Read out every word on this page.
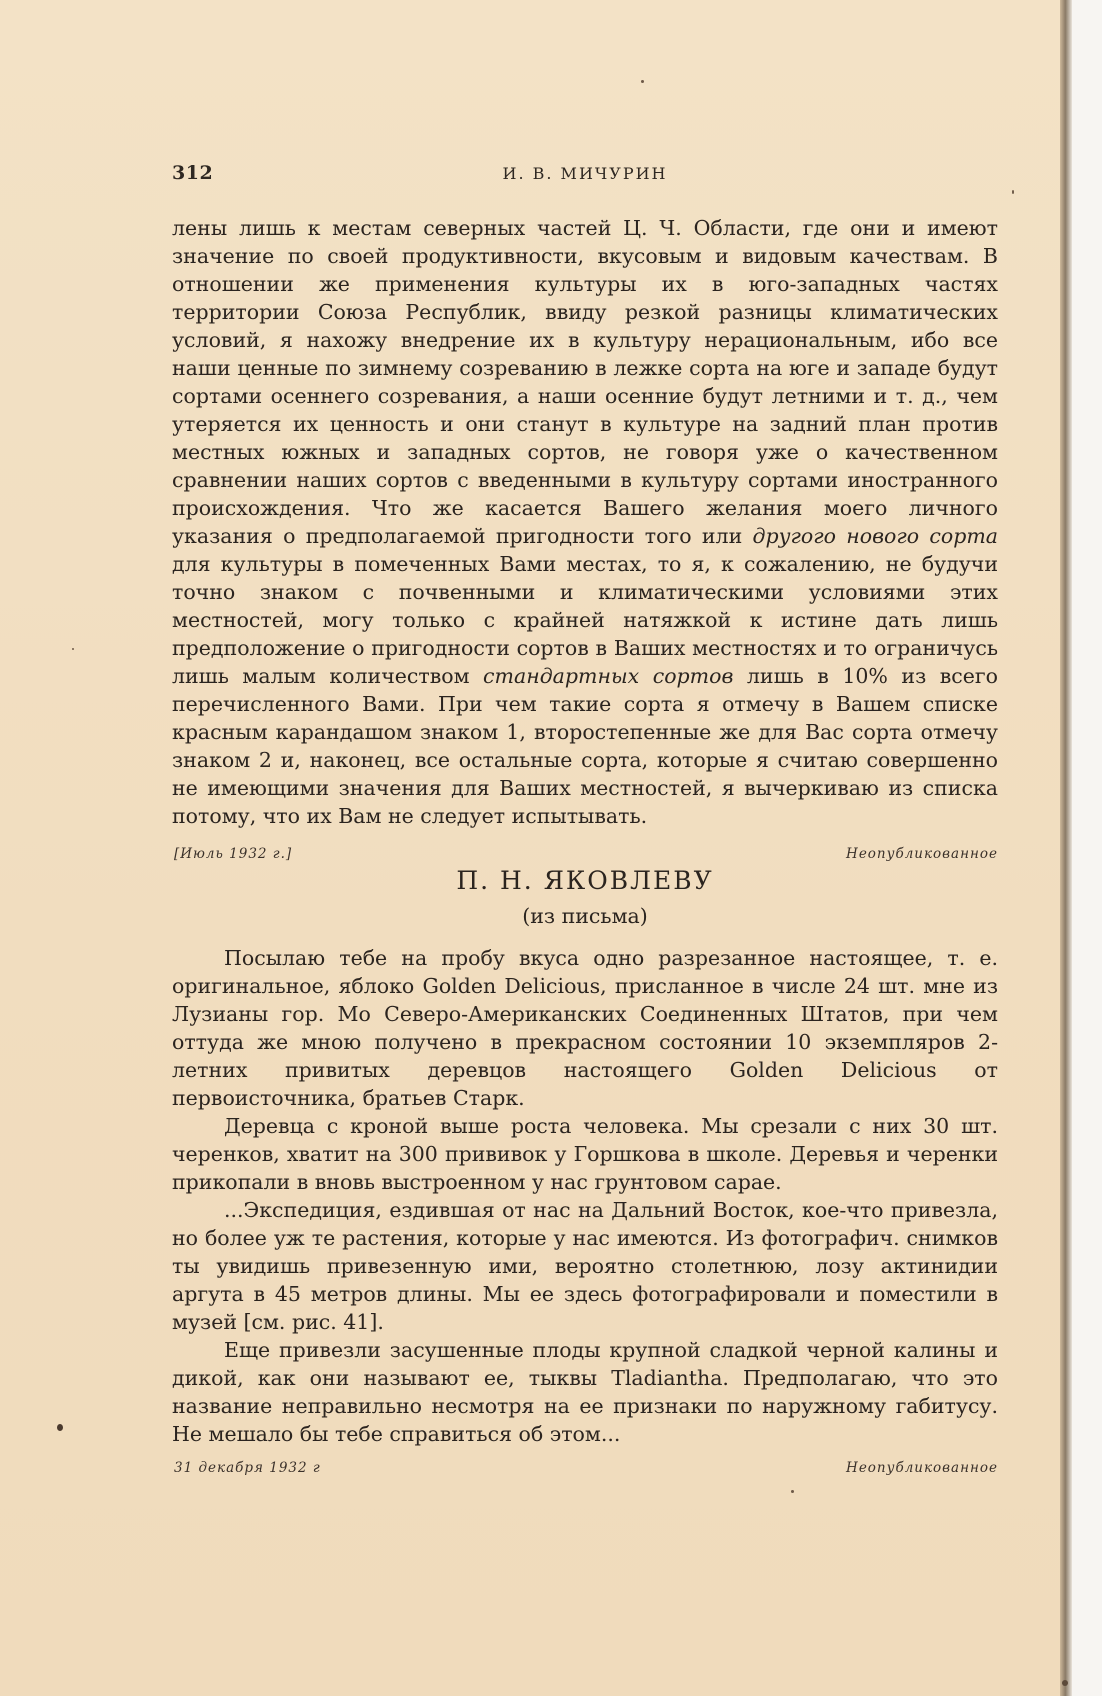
312	И. В. МИЧУРИН

лены лишь к местам северных частей Ц. Ч. Области, где они и имеют значение по своей продуктивности, вкусовым и видовым качествам. В отношении же применения культуры их в юго-западных частях территории Союза Республик, ввиду резкой разницы климатических условий, я нахожу внедрение их в культуру нерациональным, ибо все наши ценные по зимнему созреванию в лежке сорта на юге и западе будут сортами осеннего созревания, а наши осенние будут летними и т. д., чем утеряется их ценность и они станут в культуре на задний план против местных южных и западных сортов, не говоря уже о качественном сравнении наших сортов с введенными в культуру сортами иностранного происхождения. Что же касается Вашего желания моего личного указания о предполагаемой пригодности того или другого нового сорта для культуры в помеченных Вами местах, то я, к сожалению, не будучи точно знаком с почвенными и климатическими условиями этих местностей, могу только с крайней натяжкой к истине дать лишь предположение о пригодности сортов в Ваших местностях и то ограничусь лишь малым количеством стандартных сортов лишь в 10% из всего перечисленного Вами. При чем такие сорта я отмечу в Вашем списке красным карандашом знаком 1, второстепенные же для Вас сорта отмечу знаком 2 и, наконец, все остальные сорта, которые я считаю совершенно не имеющими значения для Ваших местностей, я вычеркиваю из списка потому, что их Вам не следует испытывать.

[Июль 1932 г.]	Неопубликованное
П. Н. ЯКОВЛЕВУ
(из письма)

Посылаю тебе на пробу вкуса одно разрезанное настоящее, т. е. оригинальное, яблоко Golden Delicious, присланное в числе 24 шт. мне из Лузианы гор. Мо Северо-Американских Соединенных Штатов, при чем оттуда же мною получено в прекрасном состоянии 10 экземпляров 2-летних привитых деревцов настоящего Golden Delicious от первоисточника, братьев Старк.

Деревца с кроной выше роста человека. Мы срезали с них 30 шт. черенков, хватит на 300 прививок у Горшкова в школе. Деревья и черенки прикопали в вновь выстроенном у нас грунтовом сарае.

...Экспедиция, ездившая от нас на Дальний Восток, кое-что привезла, но более уж те растения, которые у нас имеются. Из фотографич. снимков ты увидишь привезенную ими, вероятно столетнюю, лозу актинидии аргута в 45 метров длины. Мы ее здесь фотографировали и поместили в музей [см. рис. 41].

Еще привезли засушенные плоды крупной сладкой черной калины и дикой, как они называют ее, тыквы Tladiantha. Предполагаю, что это название неправильно несмотря на ее признаки по наружному габитусу. Не мешало бы тебе справиться об этом...

31 декабря 1932 г	Неопубликованное
